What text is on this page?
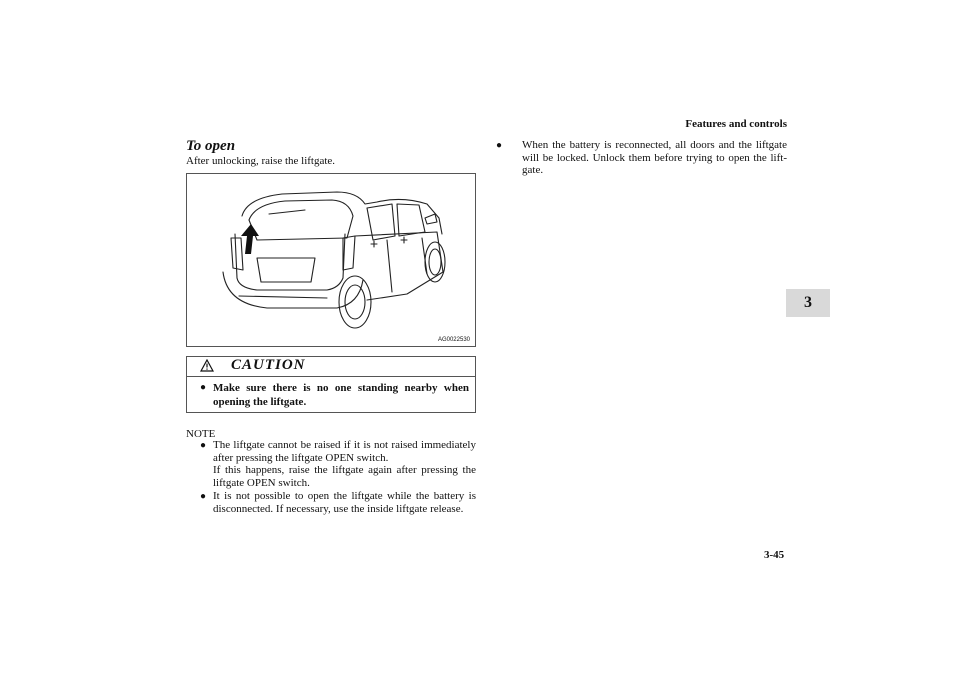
Features and controls
3
To open
After unlocking, raise the liftgate.
AG0022530
CAUTION
● Make sure there is no one standing nearby when
opening the liftgate.
NOTE
● The liftgate cannot be raised if it is not raised immediately
after pressing the liftgate OPEN switch.
If this happens, raise the liftgate again after pressing the
liftgate OPEN switch.
● It is not possible to open the liftgate while the battery is
disconnected. If necessary, use the inside liftgate release.
● When the battery is reconnected, all doors and the liftgate
will be locked. Unlock them before trying to open the lift-
gate.
3-45
